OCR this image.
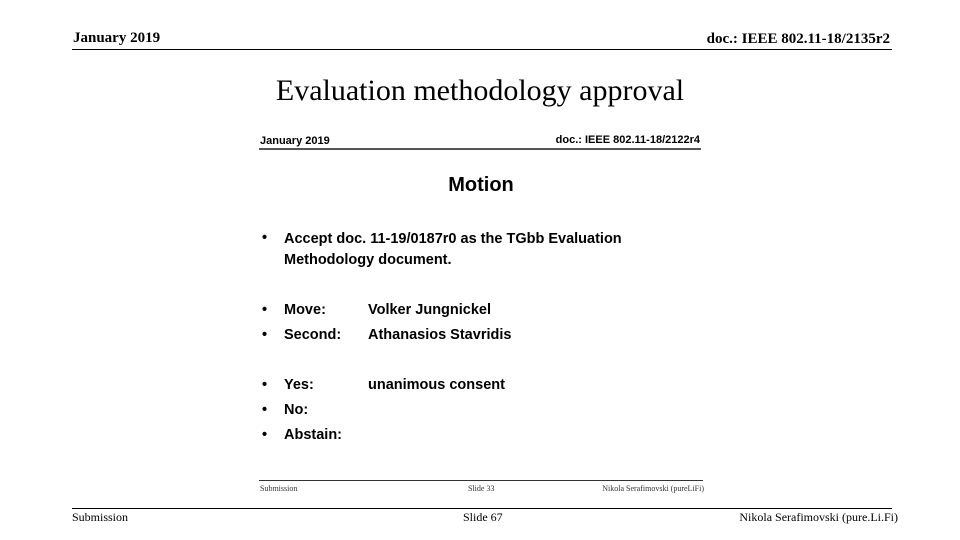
January 2019	doc.: IEEE 802.11-18/2135r2
Evaluation methodology approval
January 2019	doc.: IEEE 802.11-18/2122r4
Motion
• Accept doc. 11-19/0187r0 as the TGbb Evaluation Methodology document.
• Move:	Volker Jungnickel
• Second: Athanasios Stavridis
• Yes:	unanimous consent
• No:
• Abstain:
Submission	Slide 33	Nikola Serafimovski (pureLiFi)
Submission	Slide 67	Nikola Serafimovski (pure.Li.Fi)
